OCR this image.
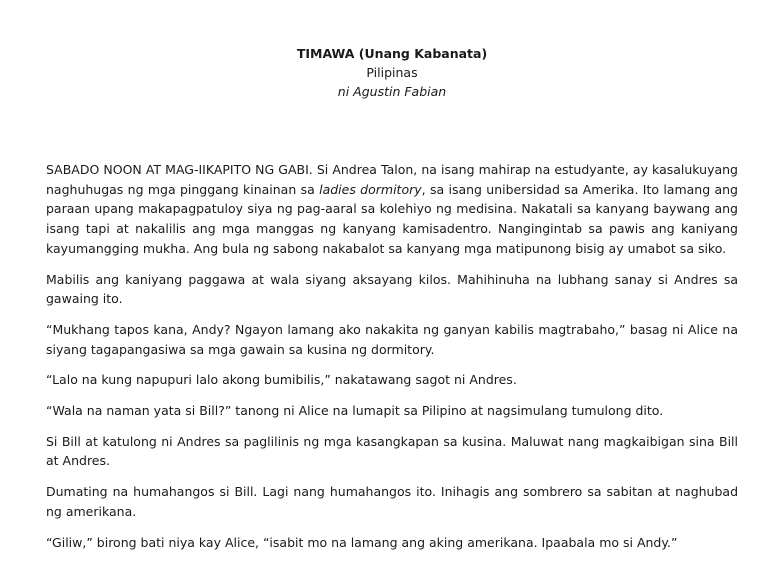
TIMAWA (Unang Kabanata)
Pilipinas
ni Agustin Fabian

SABADO NOON AT MAG-IIKAPITO NG GABI. Si Andrea Talon, na isang mahirap na estudyante, ay kasalukuyang naghuhugas ng mga pinggang kinainan sa ladies dormitory, sa isang unibersidad sa Amerika. Ito lamang ang paraan upang makapagpatuloy siya ng pag-aaral sa kolehiyo ng medisina. Nakatali sa kanyang baywang ang isang tapi at nakalilis ang mga manggas ng kanyang kamisadentro. Nangingintab sa pawis ang kaniyang kayumangging mukha. Ang bula ng sabong nakabalot sa kanyang mga matipunong bisig ay umabot sa siko.

Mabilis ang kaniyang paggawa at wala siyang aksayang kilos. Mahihinuha na lubhang sanay si Andres sa gawaing ito.

“Mukhang tapos kana, Andy? Ngayon lamang ako nakakita ng ganyan kabilis magtrabaho,” basag ni Alice na siyang tagapangasiwa sa mga gawain sa kusina ng dormitory.

“Lalo na kung napupuri lalo akong bumibilis,” nakatawang sagot ni Andres.

“Wala na naman yata si Bill?” tanong ni Alice na lumapit sa Pilipino at nagsimulang tumulong dito.

Si Bill at katulong ni Andres sa paglilinis ng mga kasangkapan sa kusina. Maluwat nang magkaibigan sina Bill at Andres.

Dumating na humahangos si Bill. Lagi nang humahangos ito. Inihagis ang sombrero sa sabitan at naghubad ng amerikana.

“Giliw,” birong bati niya kay Alice, “isabit mo na lamang ang aking amerikana. Ipaabala mo si Andy.”
